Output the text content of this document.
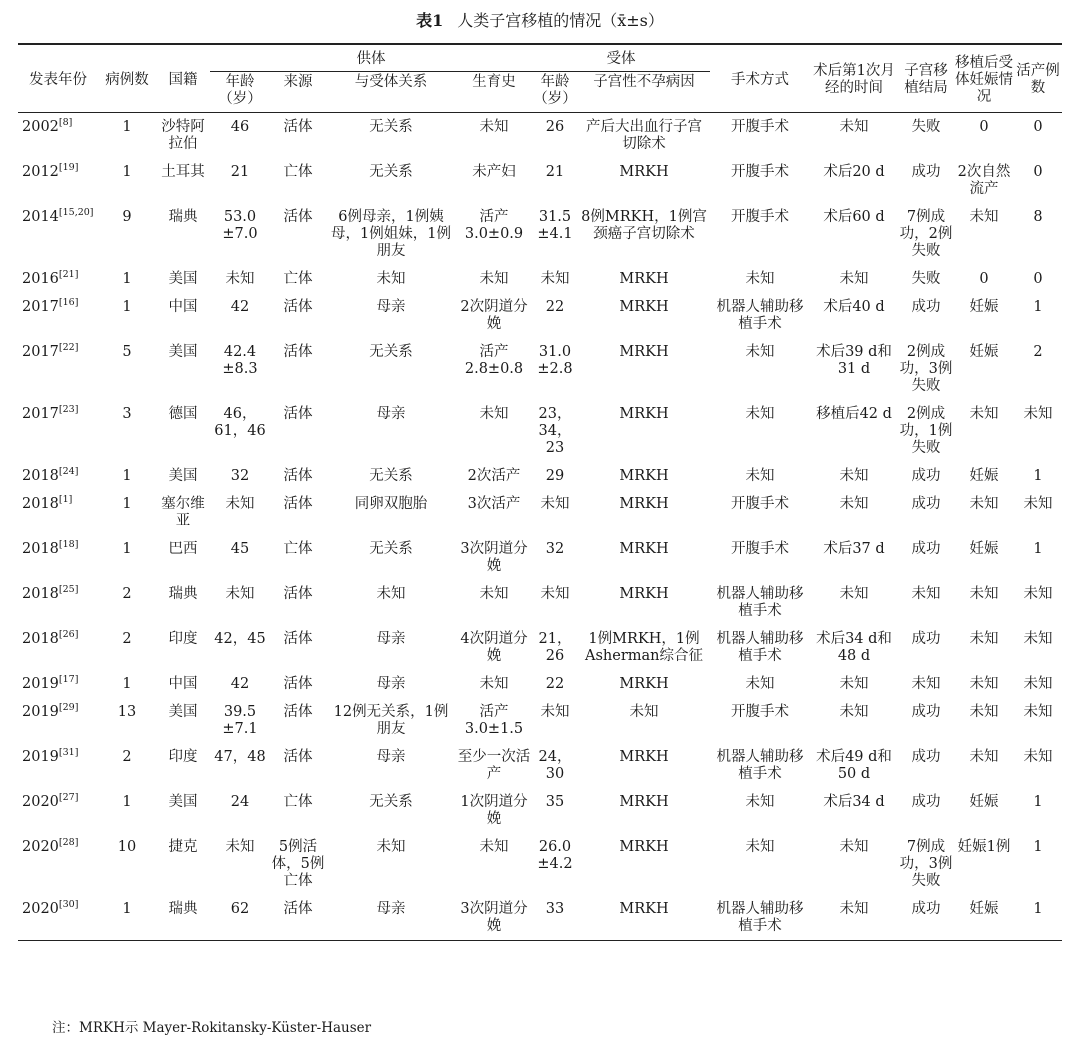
表1 人类子宫移植的情况（x̄±s）
发表年份	病例数	国籍	供体				受体		手术方式	术后第1次月经的时间	子宫移植结局	移植后受体妊娠情况	活产例数
			年龄（岁）	来源	与受体关系	生育史	年龄（岁）	子宫性不孕病因					
2002[8]	1	沙特阿拉伯	46	活体	无关系	未知	26	产后大出血行子宫切除术	开腹手术	未知	失败	0	0
2012[19]	1	土耳其	21	亡体	无关系	未产妇	21	MRKH	开腹手术	术后20 d	成功	2次自然流产	0
2014[15,20]	9	瑞典	53.0 ±7.0	活体	6例母亲，1例姨母，1例姐妹，1例朋友	活产 3.0±0.9	31.5 ±4.1	8例MRKH，1例宫颈癌子宫切除术	开腹手术	术后60 d	7例成功，2例失败	未知	8
2016[21]	1	美国	未知	亡体	未知	未知	未知	MRKH	未知	未知	失败	0	0
2017[16]	1	中国	42	活体	母亲	2次阴道分娩	22	MRKH	机器人辅助移植手术	术后40 d	成功	妊娠	1
2017[22]	5	美国	42.4 ±8.3	活体	无关系	活产 2.8±0.8	31.0 ±2.8	MRKH	未知	术后39 d和31 d	2例成功，3例失败	妊娠	2
2017[23]	3	德国	46，61，46	活体	母亲	未知	23，34，23	MRKH	未知	移植后42 d	2例成功，1例失败	未知	未知
2018[24]	1	美国	32	活体	无关系	2次活产	29	MRKH	未知	未知	成功	妊娠	1
2018[1]	1	塞尔维亚	未知	活体	同卵双胞胎	3次活产	未知	MRKH	开腹手术	未知	成功	未知	未知
2018[18]	1	巴西	45	亡体	无关系	3次阴道分娩	32	MRKH	开腹手术	术后37 d	成功	妊娠	1
2018[25]	2	瑞典	未知	活体	未知	未知	未知	MRKH	机器人辅助移植手术	未知	未知	未知	未知
2018[26]	2	印度	42，45	活体	母亲	4次阴道分娩	21，26	1例MRKH，1例Asherman综合征	机器人辅助移植手术	术后34 d和48 d	成功	未知	未知
2019[17]	1	中国	42	活体	母亲	未知	22	MRKH	未知	未知	未知	未知	未知
2019[29]	13	美国	39.5 ±7.1	活体	12例无关系，1例朋友	活产 3.0±1.5	未知	未知	开腹手术	未知	成功	未知	未知
2019[31]	2	印度	47，48	活体	母亲	至少一次活产	24，30	MRKH	机器人辅助移植手术	术后49 d和50 d	成功	未知	未知
2020[27]	1	美国	24	亡体	无关系	1次阴道分娩	35	MRKH	未知	术后34 d	成功	妊娠	1
2020[28]	10	捷克	未知	5例活体，5例亡体	未知	未知	26.0 ±4.2	MRKH	未知	未知	7例成功，3例失败	妊娠1例	1
2020[30]	1	瑞典	62	活体	母亲	3次阴道分娩	33	MRKH	机器人辅助移植手术	未知	成功	妊娠	1
注：MRKH示 Mayer-Rokitansky-Küster-Hauser
